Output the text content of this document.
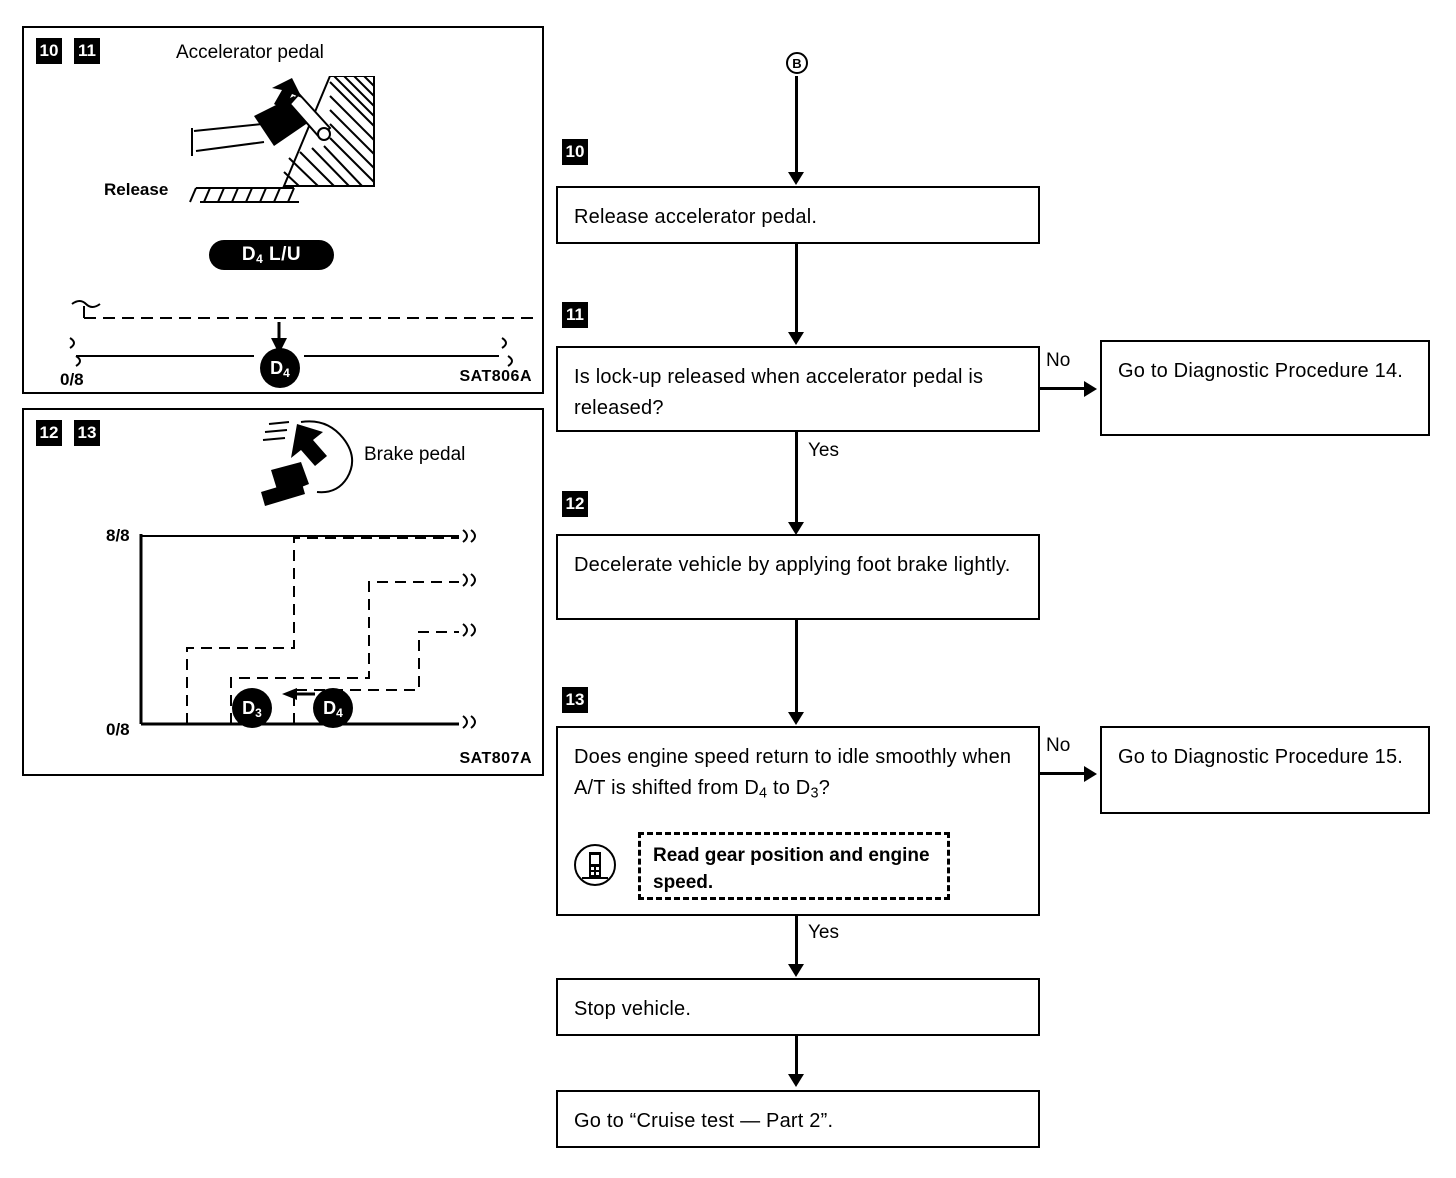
10 11	Accelerator pedal
Release
$D_4$ L/U
$D_4$
0/8	SAT806A
12 13
Brake pedal
8/8
0/8
$D_3$	$D_4$
SAT807A
B
10
Release accelerator pedal.
11
Is lock-up released when accelerator pedal is released?
No	Go to Diagnostic Procedure 14.
Yes
12
Decelerate vehicle by applying foot brake lightly.
13
Does engine speed return to idle smoothly when A/T is shifted from $D_4$ to $D_3$?
Read gear position and engine speed.
No
Go to Diagnostic Procedure 15.
Yes
Stop vehicle.
Go to “Cruise test — Part 2”.
